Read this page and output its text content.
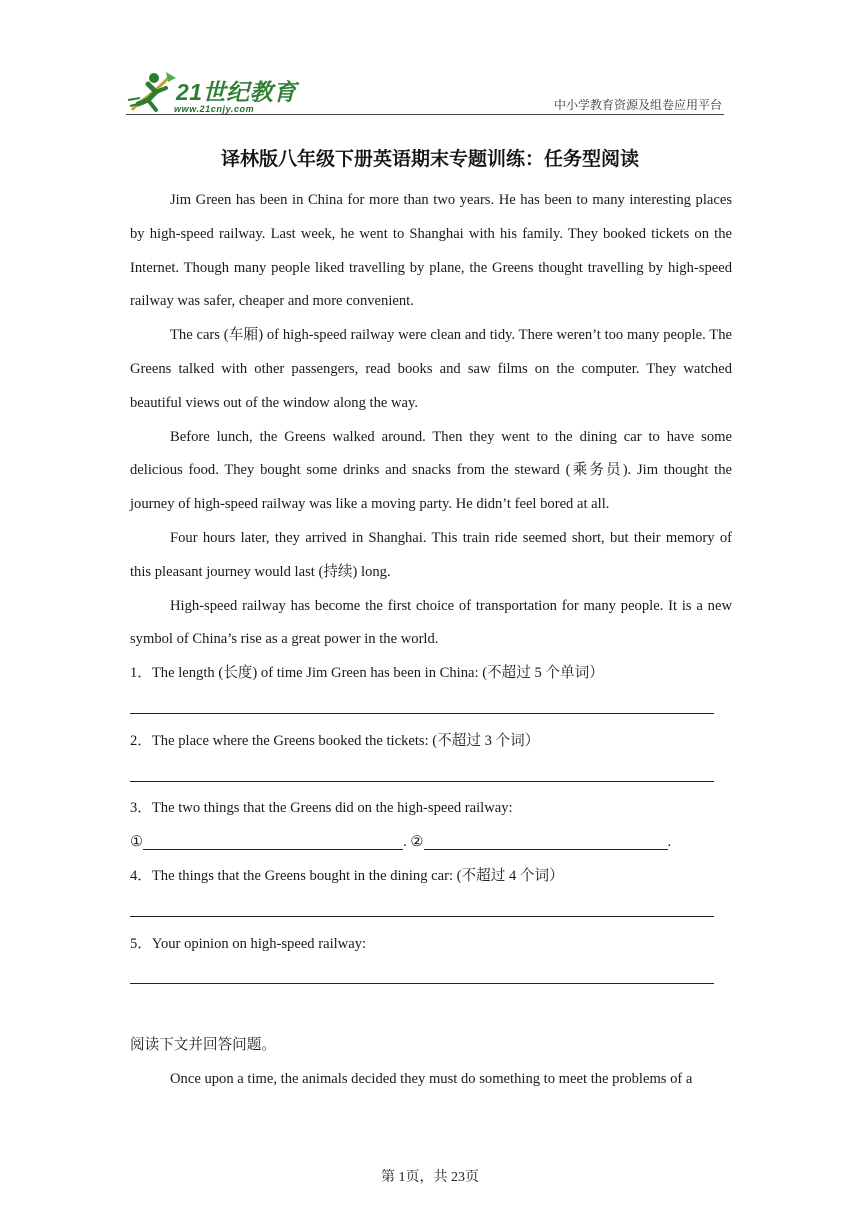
21世纪教育
www.21cnjy.com	中小学教育资源及组卷应用平台
译林版八年级下册英语期末专题训练：任务型阅读

Jim Green has been in China for more than two years. He has been to many interesting places by high-speed railway. Last week, he went to Shanghai with his family. They booked tickets on the Internet. Though many people liked travelling by plane, the Greens thought travelling by high-speed railway was safer, cheaper and more convenient.

The cars (车厢) of high-speed railway were clean and tidy. There weren’t too many people. The Greens talked with other passengers, read books and saw films on the computer. They watched beautiful views out of the window along the way.

Before lunch, the Greens walked around. Then they went to the dining car to have some delicious food. They bought some drinks and snacks from the steward (乘务员). Jim thought the journey of high-speed railway was like a moving party. He didn’t feel bored at all.

Four hours later, they arrived in Shanghai. This train ride seemed short, but their memory of this pleasant journey would last (持续) long.

High-speed railway has become the first choice of transportation for many people. It is a new symbol of China’s rise as a great power in the world.

1．The length (长度) of time Jim Green has been in China: (不超过 5 个单词）

2．The place where the Greens booked the tickets: (不超过 3 个词）

3．The two things that the Greens did on the high-speed railway:

①	. ②	.

4．The things that the Greens bought in the dining car: (不超过 4 个词）

5．Your opinion on high-speed railway:

阅读下文并回答问题。

Once upon a time, the animals decided they must do something to meet the problems of a

第 1页，共 23页
